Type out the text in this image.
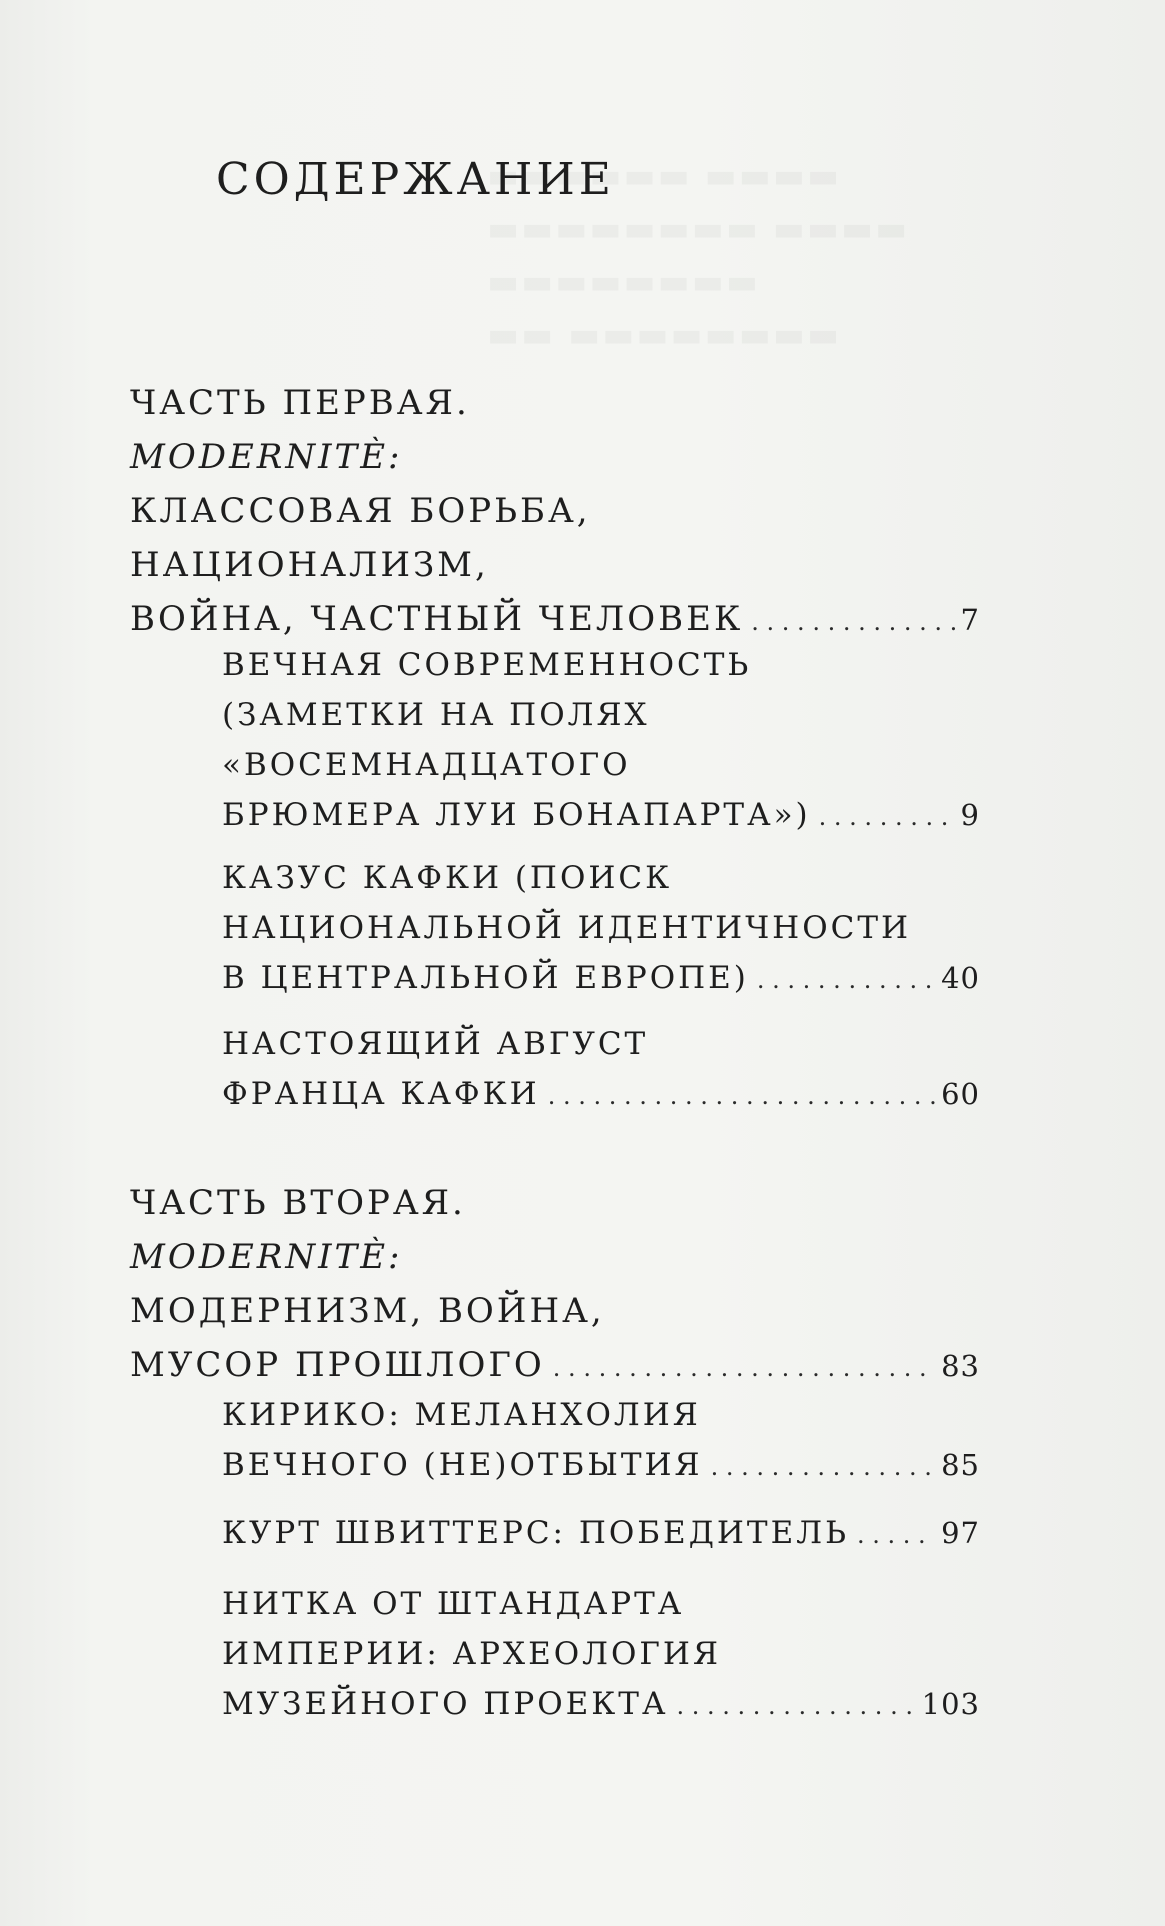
СОДЕРЖАНИЕ
ЧАСТЬ ПЕРВАЯ.
MODERNITÈ:
КЛАССОВАЯ БОРЬБА,
НАЦИОНАЛИЗМ,
ВОЙНА, ЧАСТНЫЙ ЧЕЛОВЕК . . .	7
ВЕЧНАЯ СОВРЕМЕННОСТЬ
(ЗАМЕТКИ НА ПОЛЯХ
«ВОСЕМНАДЦАТОГО
БРЮМЕРА ЛУИ БОНАПАРТА») . . .	9
КАЗУС КАФКИ (ПОИСК
НАЦИОНАЛЬНОЙ ИДЕНТИЧНОСТИ
В ЦЕНТРАЛЬНОЙ ЕВРОПЕ) . . .	40
НАСТОЯЩИЙ АВГУСТ
ФРАНЦА КАФКИ . . .	60
ЧАСТЬ ВТОРАЯ.
MODERNITÈ:
МОДЕРНИЗМ, ВОЙНА,
МУСОР ПРОШЛОГО . . .	83
КИРИКО: МЕЛАНХОЛИЯ
ВЕЧНОГО (НЕ)ОТБЫТИЯ . . .	85
КУРТ ШВИТТЕРС: ПОБЕДИТЕЛЬ . . .	97
НИТКА ОТ ШТАНДАРТА
ИМПЕРИИ: АРХЕОЛОГИЯ
МУЗЕЙНОГО ПРОЕКТА . . .	103
